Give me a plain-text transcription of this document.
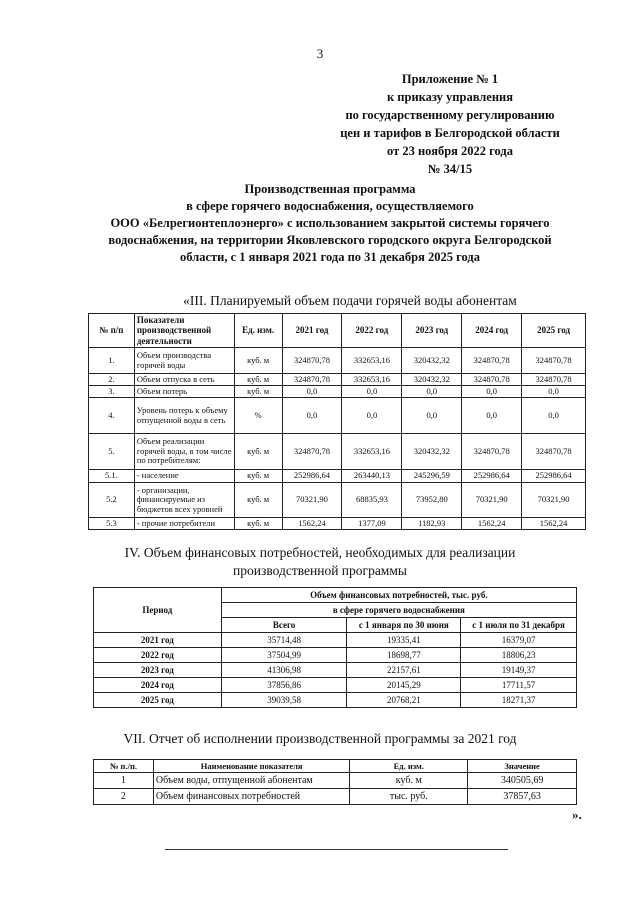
3
Приложение № 1
к приказу управления
по государственному регулированию
цен и тарифов в Белгородской области
от 23 ноября 2022 года
№ 34/15
Производственная программа
в сфере горячего водоснабжения, осуществляемого
ООО «Белрегионтеплоэнерго» с использованием закрытой системы горячего
водоснабжения, на территории Яковлевского городского округа Белгородской
области, с 1 января 2021 года по 31 декабря 2025 года
«III. Планируемый объем подачи горячей воды абонентам
№ п/п	Показатели производственной деятельности	Ед. изм.	2021 год	2022 год	2023 год	2024 год	2025 год
1.	Объем производства горячей воды	куб. м	324870,78	332653,16	320432,32	324870,78	324870,78
2.	Объем отпуска в сеть	куб. м	324870,78	332653,16	320432,32	324870,78	324870,78
3.	Объем потерь	куб. м	0,0	0,0	0,0	0,0	0,0
4.	Уровень потерь к объему отпущенной воды в сеть	%	0,0	0,0	0,0	0,0	0,0
5.	Объем реализации горячей воды, в том числе по потребителям:	куб. м	324870,78	332653,16	320432,32	324870,78	324870,78
5.1.	- население	куб. м	252986,64	263440,13	245296,59	252986,64	252986,64
5.2	- организации, финансируемые из бюджетов всех уровней	куб. м	70321,90	68835,93	73952,80	70321,90	70321,90
5.3	- прочие потребители	куб. м	1562,24	1377,09	1182,93	1562,24	1562,24
IV. Объем финансовых потребностей, необходимых для реализации
производственной программы
Период	Объем финансовых потребностей, тыс. руб.		
	в сфере горячего водоснабжения		
	Всего	с 1 января по 30 июня	с 1 июля по 31 декабря
2021 год	35714,48	19335,41	16379,07
2022 год	37504,99	18698,77	18806,23
2023 год	41306,98	22157,61	19149,37
2024 год	37856,86	20145,29	17711,57
2025 год	39039,58	20768,21	18271,37
VII. Отчет об исполнении производственной программы за 2021 год
№ п./п.	Наименование показателя	Ед. изм.	Значение
1	Объем воды, отпущенной абонентам	куб. м	340505,69
2	Объем финансовых потребностей	тыс. руб.	37857,63
».
